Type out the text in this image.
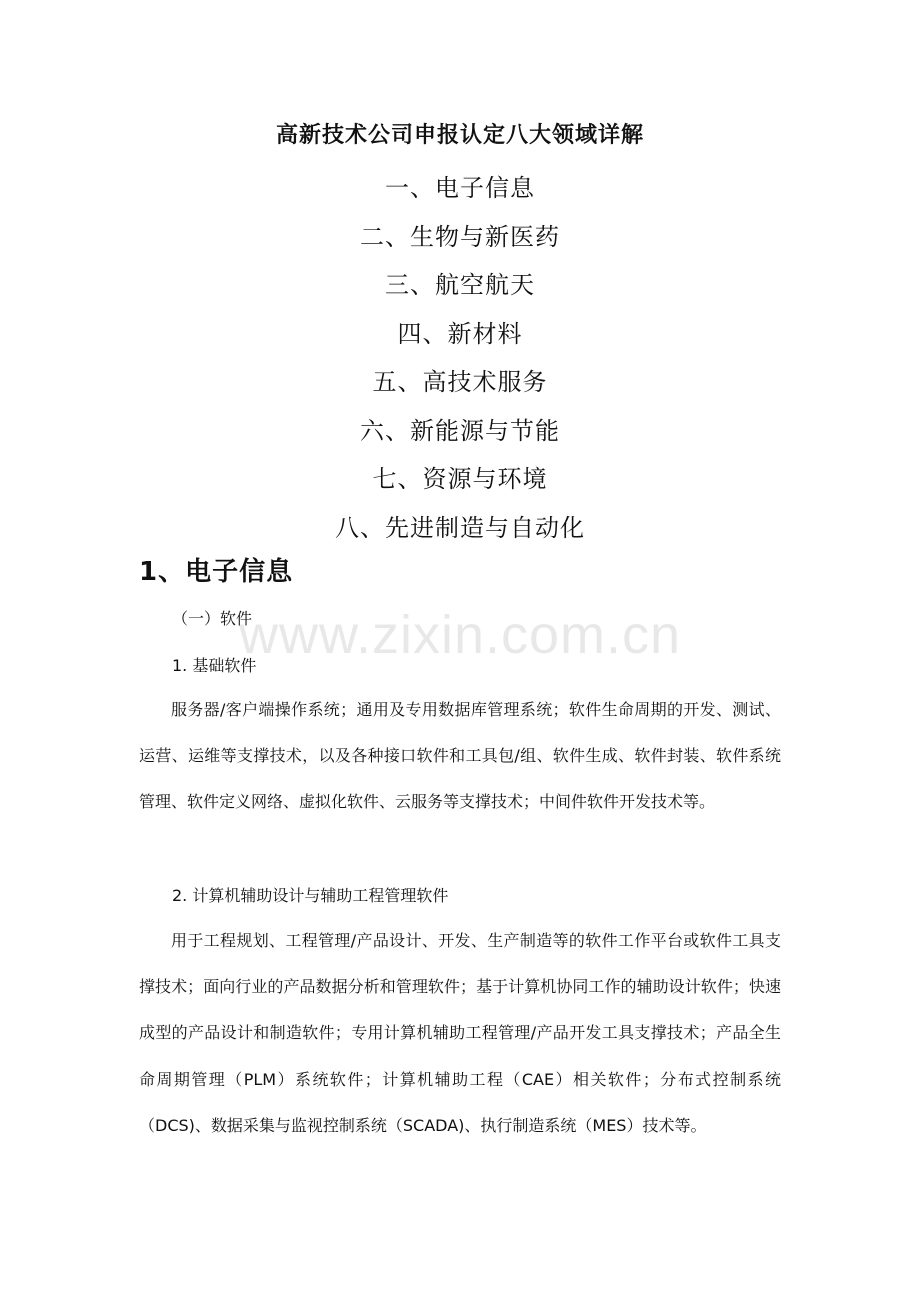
高新技术公司申报认定八大领域详解
一、电子信息
二、生物与新医药
三、航空航天
四、新材料
五、高技术服务
六、新能源与节能
七、资源与环境
八、先进制造与自动化
1、电子信息
（一）软件
1. 基础软件

服务器/客户端操作系统；通用及专用数据库管理系统；软件生命周期的开发、测试、运营、运维等支撑技术，以及各种接口软件和工具包/组、软件生成、软件封装、软件系统管理、软件定义网络、虚拟化软件、云服务等支撑技术；中间件软件开发技术等。

2. 计算机辅助设计与辅助工程管理软件

用于工程规划、工程管理/产品设计、开发、生产制造等的软件工作平台或软件工具支撑技术；面向行业的产品数据分析和管理软件；基于计算机协同工作的辅助设计软件；快速成型的产品设计和制造软件；专用计算机辅助工程管理/产品开发工具支撑技术；产品全生命周期管理（PLM）系统软件；计算机辅助工程（CAE）相关软件；分布式控制系统（DCS)、数据采集与监视控制系统（SCADA)、执行制造系统（MES）技术等。

www.zixin.com.cn
